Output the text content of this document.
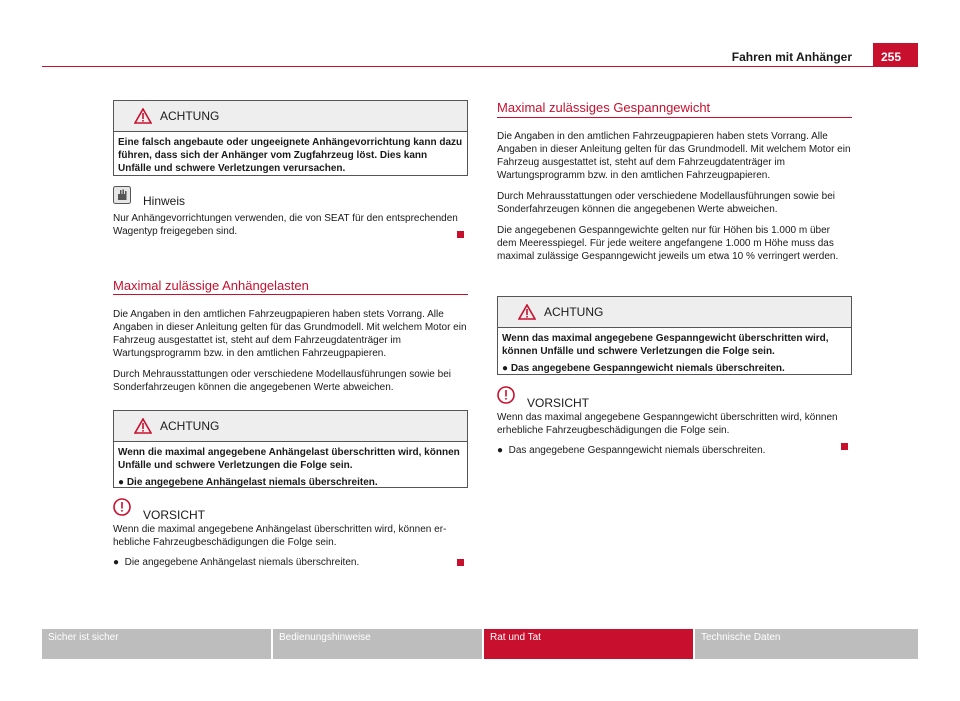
Fahren mit Anhänger	255
ACHTUNG
Eine falsch angebaute oder ungeeignete Anhängevorrichtung kann dazu führen, dass sich der Anhänger vom Zugfahrzeug löst. Dies kann Unfälle und schwere Verletzungen verursachen.
Hinweis
Nur Anhängevorrichtungen verwenden, die von SEAT für den entsprechenden Wagentyp freigegeben sind.
Maximal zulässige Anhängelasten

Die Angaben in den amtlichen Fahrzeugpapieren haben stets Vorrang. Alle Angaben in dieser Anleitung gelten für das Grundmodell. Mit welchem Motor ein Fahrzeug ausgestattet ist, steht auf dem Fahrzeugdatenträger im Wartungsprogramm bzw. in den amtlichen Fahrzeugpapieren.

Durch Mehrausstattungen oder verschiedene Modellausführungen sowie bei Sonderfahrzeugen können die angegebenen Werte abweichen.

ACHTUNG
Wenn die maximal angegebene Anhängelast überschritten wird, können Unfälle und schwere Verletzungen die Folge sein.
● Die angegebene Anhängelast niemals überschreiten.
VORSICHT
Wenn die maximal angegebene Anhängelast überschritten wird, können erhebliche Fahrzeugbeschädigungen die Folge sein.
●  Die angegebene Anhängelast niemals überschreiten.
Maximal zulässiges Gespanngewicht

Die Angaben in den amtlichen Fahrzeugpapieren haben stets Vorrang. Alle Angaben in dieser Anleitung gelten für das Grundmodell. Mit welchem Motor ein Fahrzeug ausgestattet ist, steht auf dem Fahrzeugdatenträger im Wartungsprogramm bzw. in den amtlichen Fahrzeugpapieren.

Durch Mehrausstattungen oder verschiedene Modellausführungen sowie bei Sonderfahrzeugen können die angegebenen Werte abweichen.

Die angegebenen Gespanngewichte gelten nur für Höhen bis 1.000 m über dem Meeresspiegel. Für jede weitere angefangene 1.000 m Höhe muss das maximal zulässige Gespanngewicht jeweils um etwa 10 % verringert werden.

ACHTUNG
Wenn das maximal angegebene Gespanngewicht überschritten wird, können Unfälle und schwere Verletzungen die Folge sein.
● Das angegebene Gespanngewicht niemals überschreiten.
VORSICHT
Wenn das maximal angegebene Gespanngewicht überschritten wird, können erhebliche Fahrzeugbeschädigungen die Folge sein.
●  Das angegebene Gespanngewicht niemals überschreiten.
Sicher ist sicher	Bedienungshinweise	Rat und Tat	Technische Daten
